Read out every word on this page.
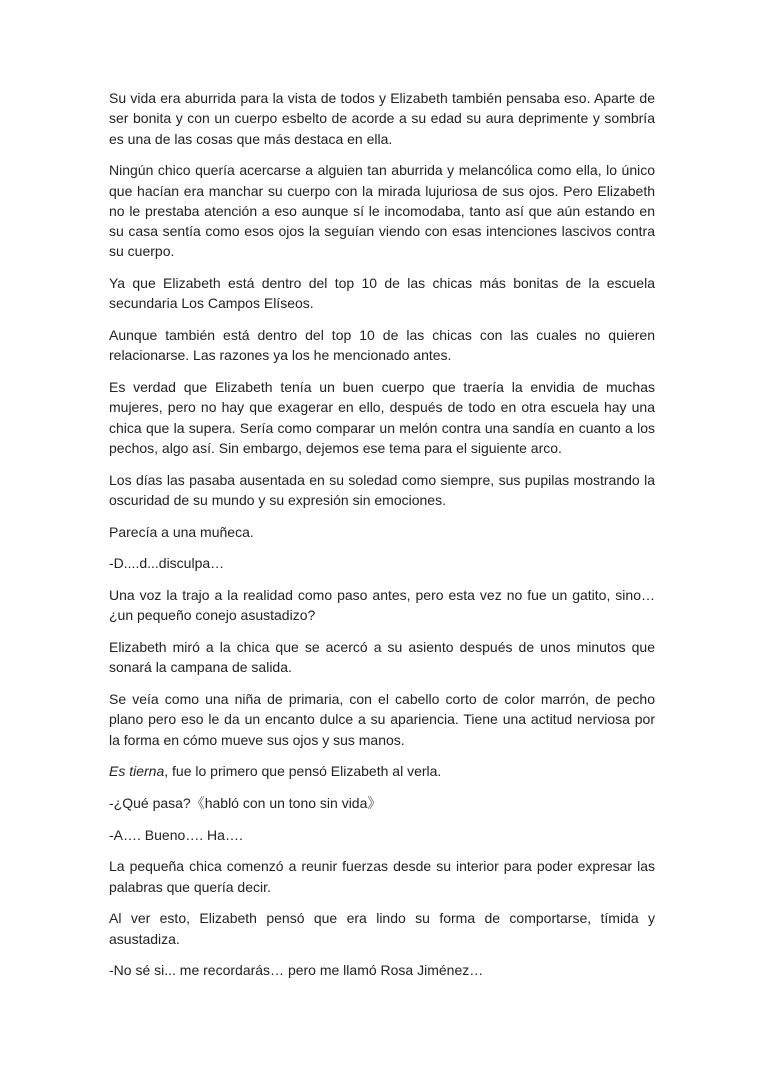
Su vida era aburrida para la vista de todos y Elizabeth también pensaba eso. Aparte de ser bonita y con un cuerpo esbelto de acorde a su edad su aura deprimente y sombría es una de las cosas que más destaca en ella.

Ningún chico quería acercarse a alguien tan aburrida y melancólica como ella, lo único que hacían era manchar su cuerpo con la mirada lujuriosa de sus ojos. Pero Elizabeth no le prestaba atención a eso aunque sí le incomodaba, tanto así que aún estando en su casa sentía como esos ojos la seguían viendo con esas intenciones lascivos contra su cuerpo.

Ya que Elizabeth está dentro del top 10 de las chicas más bonitas de la escuela secundaria Los Campos Elíseos.

Aunque también está dentro del top 10 de las chicas con las cuales no quieren relacionarse. Las razones ya los he mencionado antes.

Es verdad que Elizabeth tenía un buen cuerpo que traería la envidia de muchas mujeres, pero no hay que exagerar en ello, después de todo en otra escuela hay una chica que la supera. Sería como comparar un melón contra una sandía en cuanto a los pechos, algo así. Sin embargo, dejemos ese tema para el siguiente arco.

Los días las pasaba ausentada en su soledad como siempre, sus pupilas mostrando la oscuridad de su mundo y su expresión sin emociones.

Parecía a una muñeca.

-D....d...disculpa…

Una voz la trajo a la realidad como paso antes, pero esta vez no fue un gatito, sino… ¿un pequeño conejo asustadizo?

Elizabeth miró a la chica que se acercó a su asiento después de unos minutos que sonará la campana de salida.

Se veía como una niña de primaria, con el cabello corto de color marrón, de pecho plano pero eso le da un encanto dulce a su apariencia. Tiene una actitud nerviosa por la forma en cómo mueve sus ojos y sus manos.

Es tierna, fue lo primero que pensó Elizabeth al verla.

-¿Qué pasa?《habló con un tono sin vida》

-A…. Bueno…. Ha….

La pequeña chica comenzó a reunir fuerzas desde su interior para poder expresar las palabras que quería decir.

Al ver esto, Elizabeth pensó que era lindo su forma de comportarse, tímida y asustadiza.

-No sé si... me recordarás… pero me llamó Rosa Jiménez…
